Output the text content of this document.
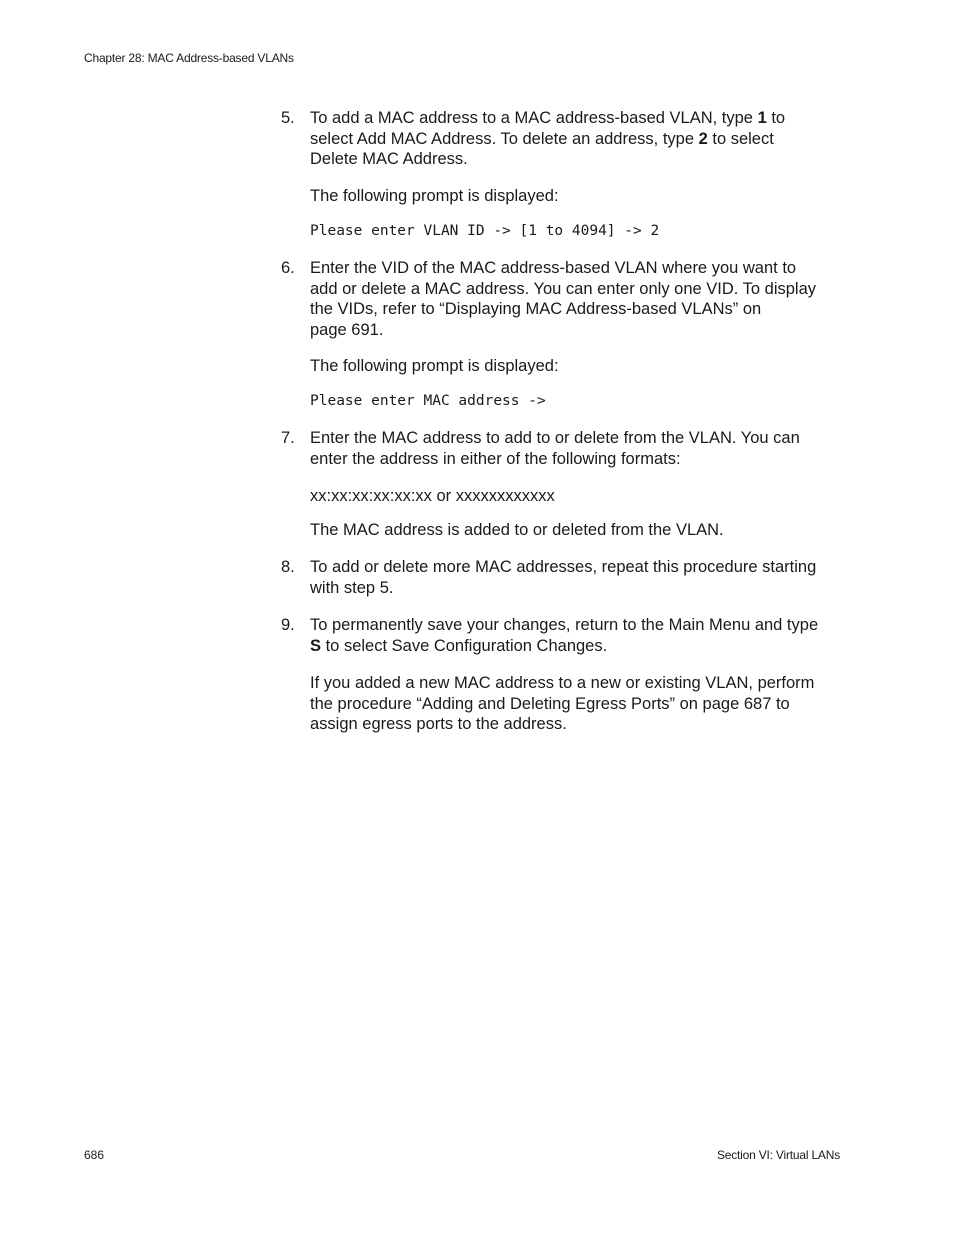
Chapter 28: MAC Address-based VLANs
5. To add a MAC address to a MAC address-based VLAN, type 1 to
select Add MAC Address. To delete an address, type 2 to select
Delete MAC Address.
The following prompt is displayed:
Please enter VLAN ID -> [1 to 4094] -> 2
6. Enter the VID of the MAC address-based VLAN where you want to
add or delete a MAC address. You can enter only one VID. To display
the VIDs, refer to “Displaying MAC Address-based VLANs” on
page 691.
The following prompt is displayed:
Please enter MAC address ->
7. Enter the MAC address to add to or delete from the VLAN. You can
enter the address in either of the following formats:
xx:xx:xx:xx:xx:xx or xxxxxxxxxxxx
The MAC address is added to or deleted from the VLAN.
8. To add or delete more MAC addresses, repeat this procedure starting
with step 5.
9. To permanently save your changes, return to the Main Menu and type
S to select Save Configuration Changes.
If you added a new MAC address to a new or existing VLAN, perform
the procedure “Adding and Deleting Egress Ports” on page 687 to
assign egress ports to the address.
686	Section VI: Virtual LANs
